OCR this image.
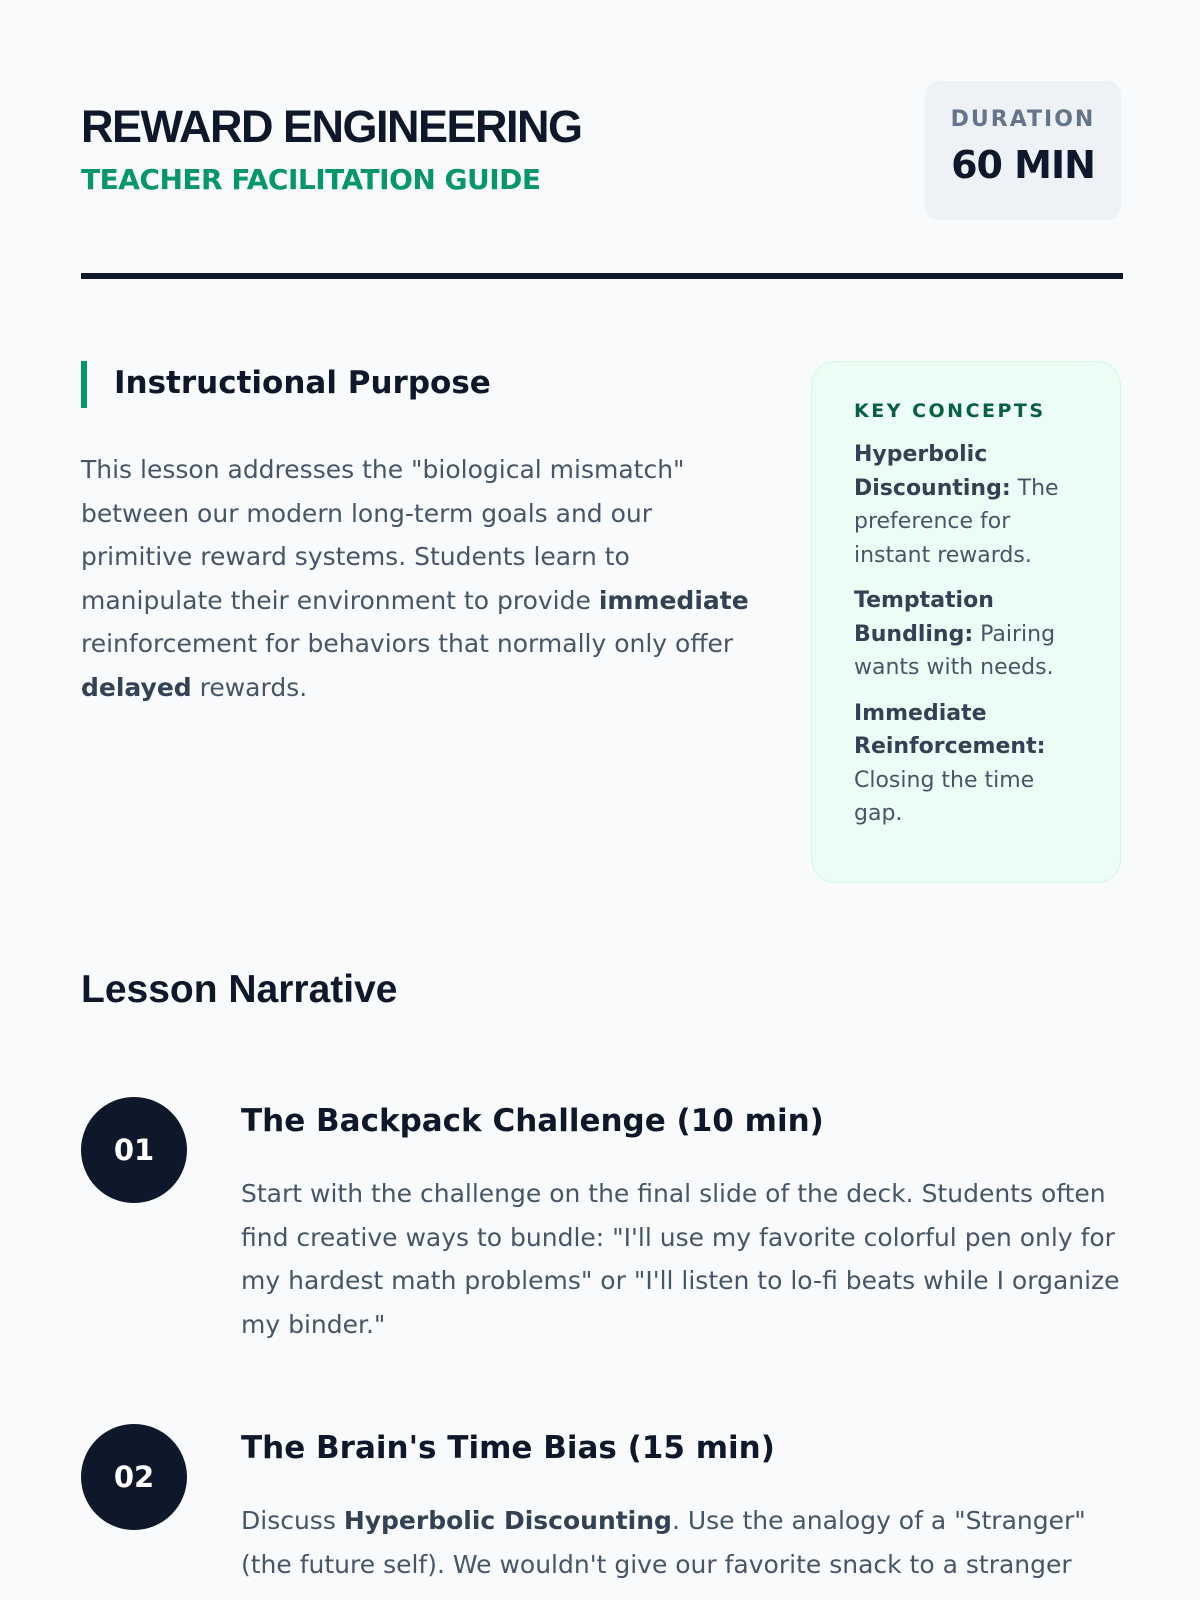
REWARD ENGINEERING
TEACHER FACILITATION GUIDE
DURATION
60 MIN
Instructional Purpose

This lesson addresses the "biological mismatch" between our modern long-term goals and our primitive reward systems. Students learn to manipulate their environment to provide immediate reinforcement for behaviors that normally only offer delayed rewards.

KEY CONCEPTS

Hyperbolic Discounting: The preference for instant rewards.

Temptation Bundling: Pairing wants with needs.

Immediate Reinforcement: Closing the time gap.

Lesson Narrative
01
The Backpack Challenge (10 min)

Start with the challenge on the final slide of the deck. Students often find creative ways to bundle: "I'll use my favorite colorful pen only for my hardest math problems" or "I'll listen to lo-fi beats while I organize my binder."

02
The Brain's Time Bias (15 min)

Discuss Hyperbolic Discounting. Use the analogy of a "Stranger" (the future self). We wouldn't give our favorite snack to a stranger
